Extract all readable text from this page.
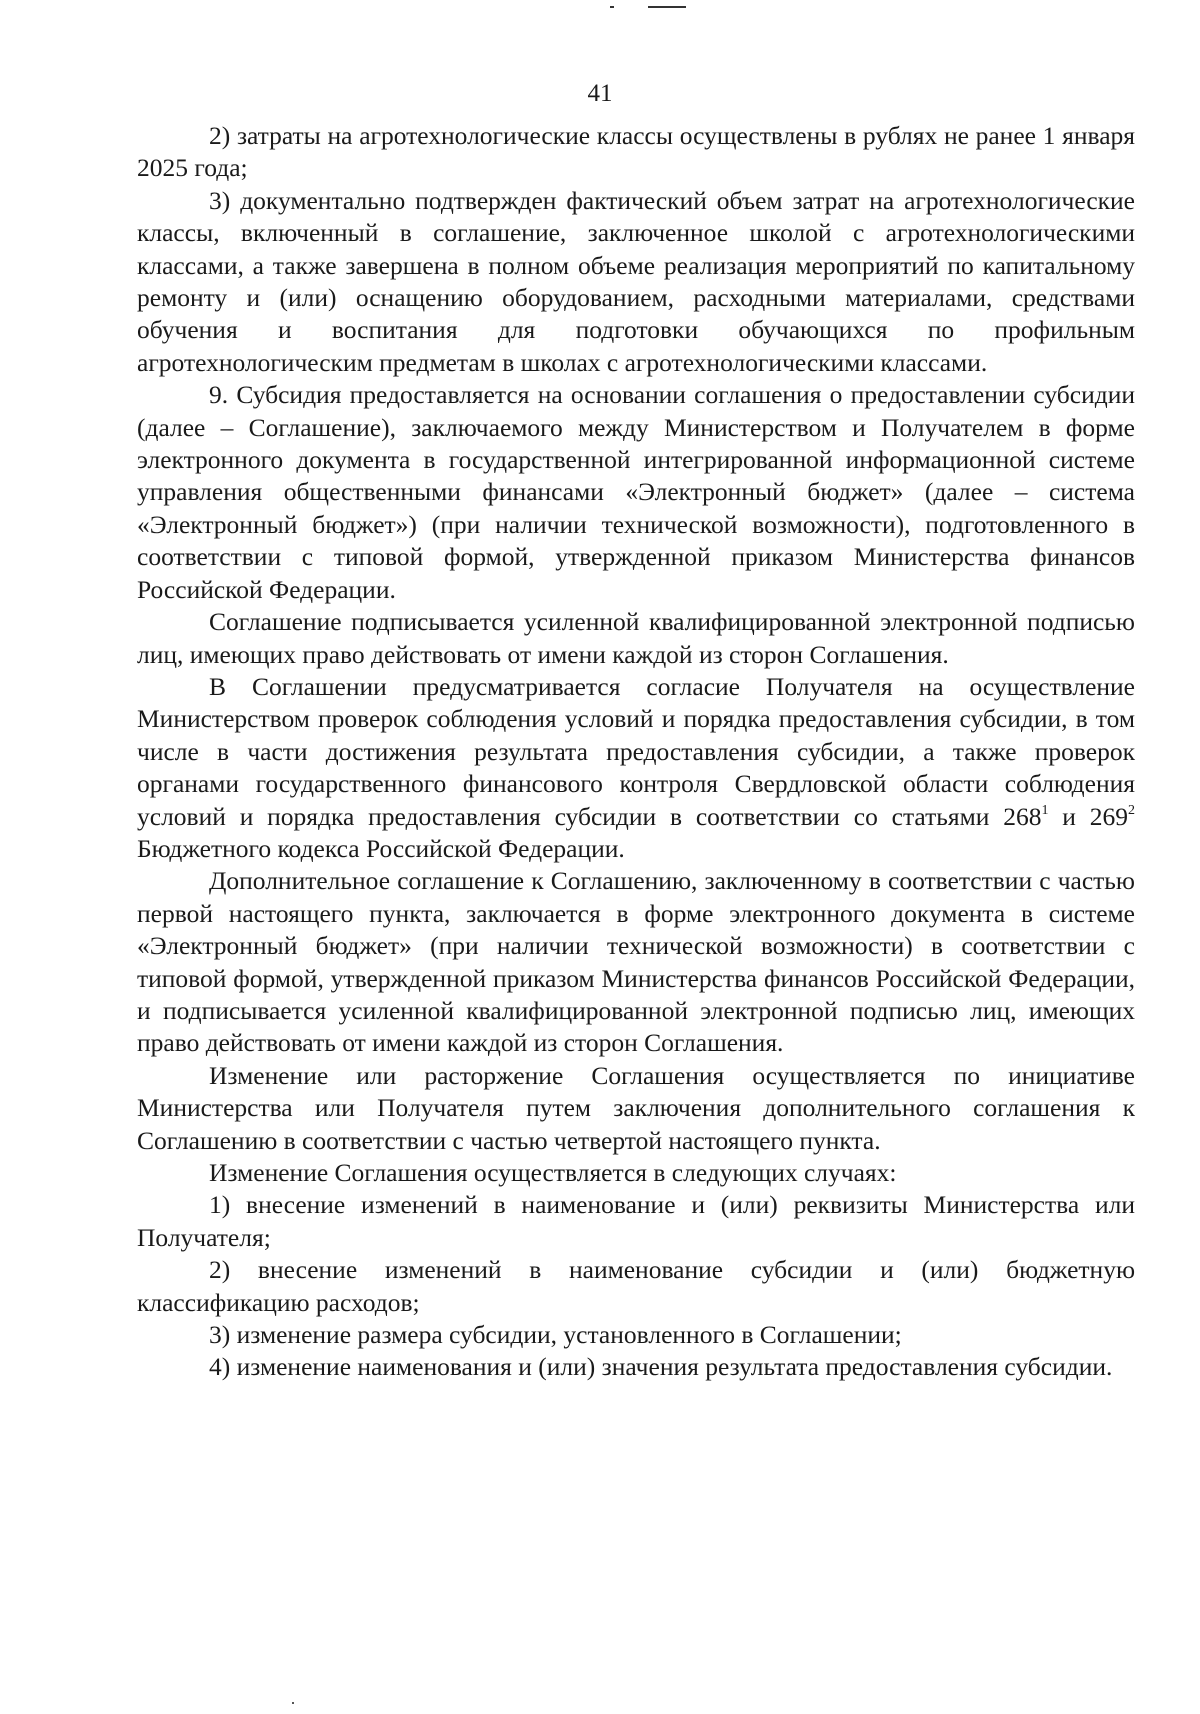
41

2) затраты на агротехнологические классы осуществлены в рублях не ранее 1 января 2025 года;

3) документально подтвержден фактический объем затрат на агротехнологические классы, включенный в соглашение, заключенное школой с агротехнологическими классами, а также завершена в полном объеме реализация мероприятий по капитальному ремонту и (или) оснащению оборудованием, расходными материалами, средствами обучения и воспитания для подготовки обучающихся по профильным агротехнологическим предметам в школах с агротехнологическими классами.

9. Субсидия предоставляется на основании соглашения о предоставлении субсидии (далее – Соглашение), заключаемого между Министерством и Получателем в форме электронного документа в государственной интегрированной информационной системе управления общественными финансами «Электронный бюджет» (далее – система «Электронный бюджет») (при наличии технической возможности), подготовленного в соответствии с типовой формой, утвержденной приказом Министерства финансов Российской Федерации.

Соглашение подписывается усиленной квалифицированной электронной подписью лиц, имеющих право действовать от имени каждой из сторон Соглашения.

В Соглашении предусматривается согласие Получателя на осуществление Министерством проверок соблюдения условий и порядка предоставления субсидии, в том числе в части достижения результата предоставления субсидии, а также проверок органами государственного финансового контроля Свердловской области соблюдения условий и порядка предоставления субсидии в соответствии со статьями $268^1$ и $269^2$ Бюджетного кодекса Российской Федерации.

Дополнительное соглашение к Соглашению, заключенному в соответствии с частью первой настоящего пункта, заключается в форме электронного документа в системе «Электронный бюджет» (при наличии технической возможности) в соответствии с типовой формой, утвержденной приказом Министерства финансов Российской Федерации, и подписывается усиленной квалифицированной электронной подписью лиц, имеющих право действовать от имени каждой из сторон Соглашения.

Изменение или расторжение Соглашения осуществляется по инициативе Министерства или Получателя путем заключения дополнительного соглашения к Соглашению в соответствии с частью четвертой настоящего пункта.

Изменение Соглашения осуществляется в следующих случаях:

1) внесение изменений в наименование и (или) реквизиты Министерства или Получателя;

2) внесение изменений в наименование субсидии и (или) бюджетную классификацию расходов;

3) изменение размера субсидии, установленного в Соглашении;

4) изменение наименования и (или) значения результата предоставления субсидии.
